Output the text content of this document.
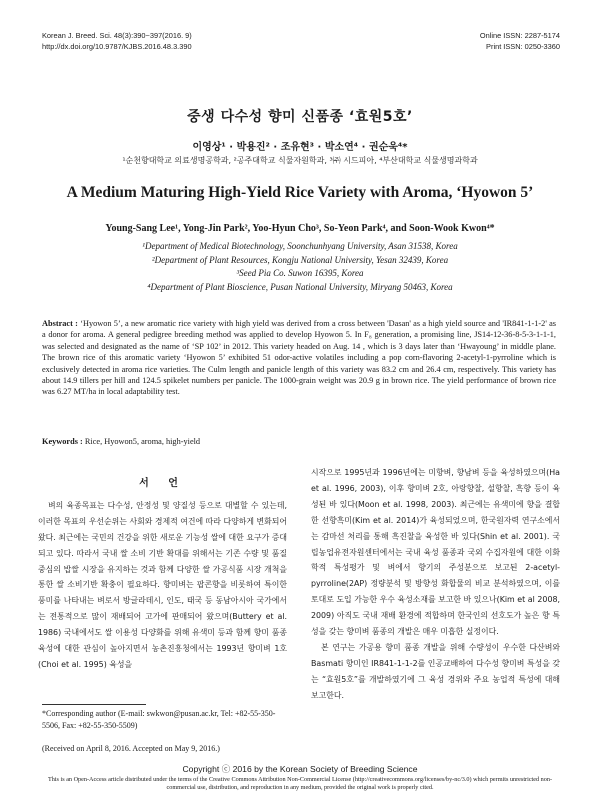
Korean J. Breed. Sci. 48(3):390~397(2016. 9)
http://dx.doi.org/10.9787/KJBS.2016.48.3.390
Online ISSN: 2287-5174
Print ISSN: 0250-3360
중생 다수성 향미 신품종 ‘효원5호’
이영상¹ · 박용진² · 조유현³ · 박소연⁴ · 권순욱⁴*
¹순천향대학교 의료생명공학과, ²공주대학교 식물자원학과, ³㈜ 시드피아, ⁴부산대학교 식물생명과학과
A Medium Maturing High-Yield Rice Variety with Aroma, ‘Hyowon 5’
Young-Sang Lee¹, Yong-Jin Park², Yoo-Hyun Cho³, So-Yeon Park⁴, and Soon-Wook Kwon⁴*
¹Department of Medical Biotechnology, Soonchunhyang University, Asan 31538, Korea
²Department of Plant Resources, Kongju National University, Yesan 32439, Korea
³Seed Pia Co. Suwon 16395, Korea
⁴Department of Plant Bioscience, Pusan National University, Miryang 50463, Korea
Abstract : ‘Hyowon 5’, a new aromatic rice variety with high yield was derived from a cross between 'Dasan' as a high yield source and 'IR841-1-1-2' as a donor for aroma. A general pedigree breeding method was applied to develop Hyowon 5. In F₈ generation, a promising line, JS14-12-36-8-5-3-1-1-1, was selected and designated as the name of ‘SP 102’ in 2012. This variety headed on Aug. 14 , which is 3 days later than ‘Hwayoung’ in middle plane. The brown rice of this aromatic variety ‘Hyowon 5’ exhibited 51 odor-active volatiles including a pop corn-flavoring 2-acetyl-1-pyrroline which is exclusively detected in aroma rice varieties. The Culm length and panicle length of this variety was 83.2 cm and 26.4 cm, respectively. This variety has about 14.9 tillers per hill and 124.5 spikelet numbers per panicle. The 1000-grain weight was 20.9 g in brown rice. The yield performance of brown rice was 6.27 MT/ha in local adaptability test.
Keywords : Rice, Hyowon5, aroma, high-yield
서 언

벼의 육종목표는 다수성, 안정성 및 양질성 등으로 대별할 수 있는데, 이러한 목표의 우선순위는 사회와 경제적 여건에 따라 다양하게 변화되어 왔다. 최근에는 국민의 건강을 위한 새로운 기능성 쌀에 대한 요구가 증대되고 있다. 따라서 국내 쌀 소비 기반 확대를 위해서는 기존 수량 및 품질 중심의 밥쌀 시장을 유지하는 것과 함께 다양한 쌀 가공식품 시장 개척을 통한 쌀 소비기반 확충이 필요하다. 향미벼는 팝콘향을 비롯하여 특이한 풍미를 나타내는 벼로서 방글라데시, 인도, 태국 등 동남아시아 국가에서는 전통적으로 많이 재배되어 고가에 판매되어 왔으며(Buttery et al. 1986) 국내에서도 쌀 이용성 다양화를 위해 유색미 등과 함께 향미 품종육성에 대한 관심이 높아지면서 농촌진흥청에서는 1993년 향미벼 1호(Choi et al. 1995) 육성을

시작으로 1995년과 1996년에는 미향벼, 향남벼 등을 육성하였으며(Ha et al. 1996, 2003), 이후 향미벼 2호, 아랑향찰, 설향찰, 흑향 등이 육성된 바 있다(Moon et al. 1998, 2003). 최근에는 유색미에 향을 결합한 선향흑미(Kim et al. 2014)가 육성되었으며, 한국원자력 연구소에서는 감마선 처리를 통해 흑진찰을 육성한 바 있다(Shin et al. 2001). 국립농업유전자원센터에서는 국내 육성 품종과 국외 수집자원에 대한 이화학적 특성평가 및 벼에서 향기의 주성분으로 보고된 2-acetyl-pyrroline(2AP) 정량분석 및 방향성 화합물의 비교 분석하였으며, 이를 토대로 도입 가능한 우수 육성소재를 보고한 바 있으나(Kim et al 2008, 2009) 아직도 국내 재배 환경에 적합하며 한국인의 선호도가 높은 향 특성을 갖는 향미벼 품종의 개발은 매우 미흡한 실정이다.

본 연구는 가공용 향미 품종 개발을 위해 수량성이 우수한 다산벼와 Basmati 향미인 IR841-1-1-2를 인공교배하여 다수성 향미벼 특성을 갖는 “효원5호”를 개발하였기에 그 육성 경위와 주요 농업적 특성에 대해 보고한다.

*Corresponding author (E-mail: swkwon@pusan.ac.kr, Tel: +82-55-350-5506, Fax: +82-55-350-5509)
(Received on April 8, 2016. Accepted on May 9, 2016.)
Copyright ⓒ 2016 by the Korean Society of Breeding Science
This is an Open-Access article distributed under the terms of the Creative Commons Attribution Non-Commercial License (http://creativecommons.org/licenses/by-nc/3.0) which permits unrestricted non-commercial use, distribution, and reproduction in any medium, provided the original work is properly cited.
